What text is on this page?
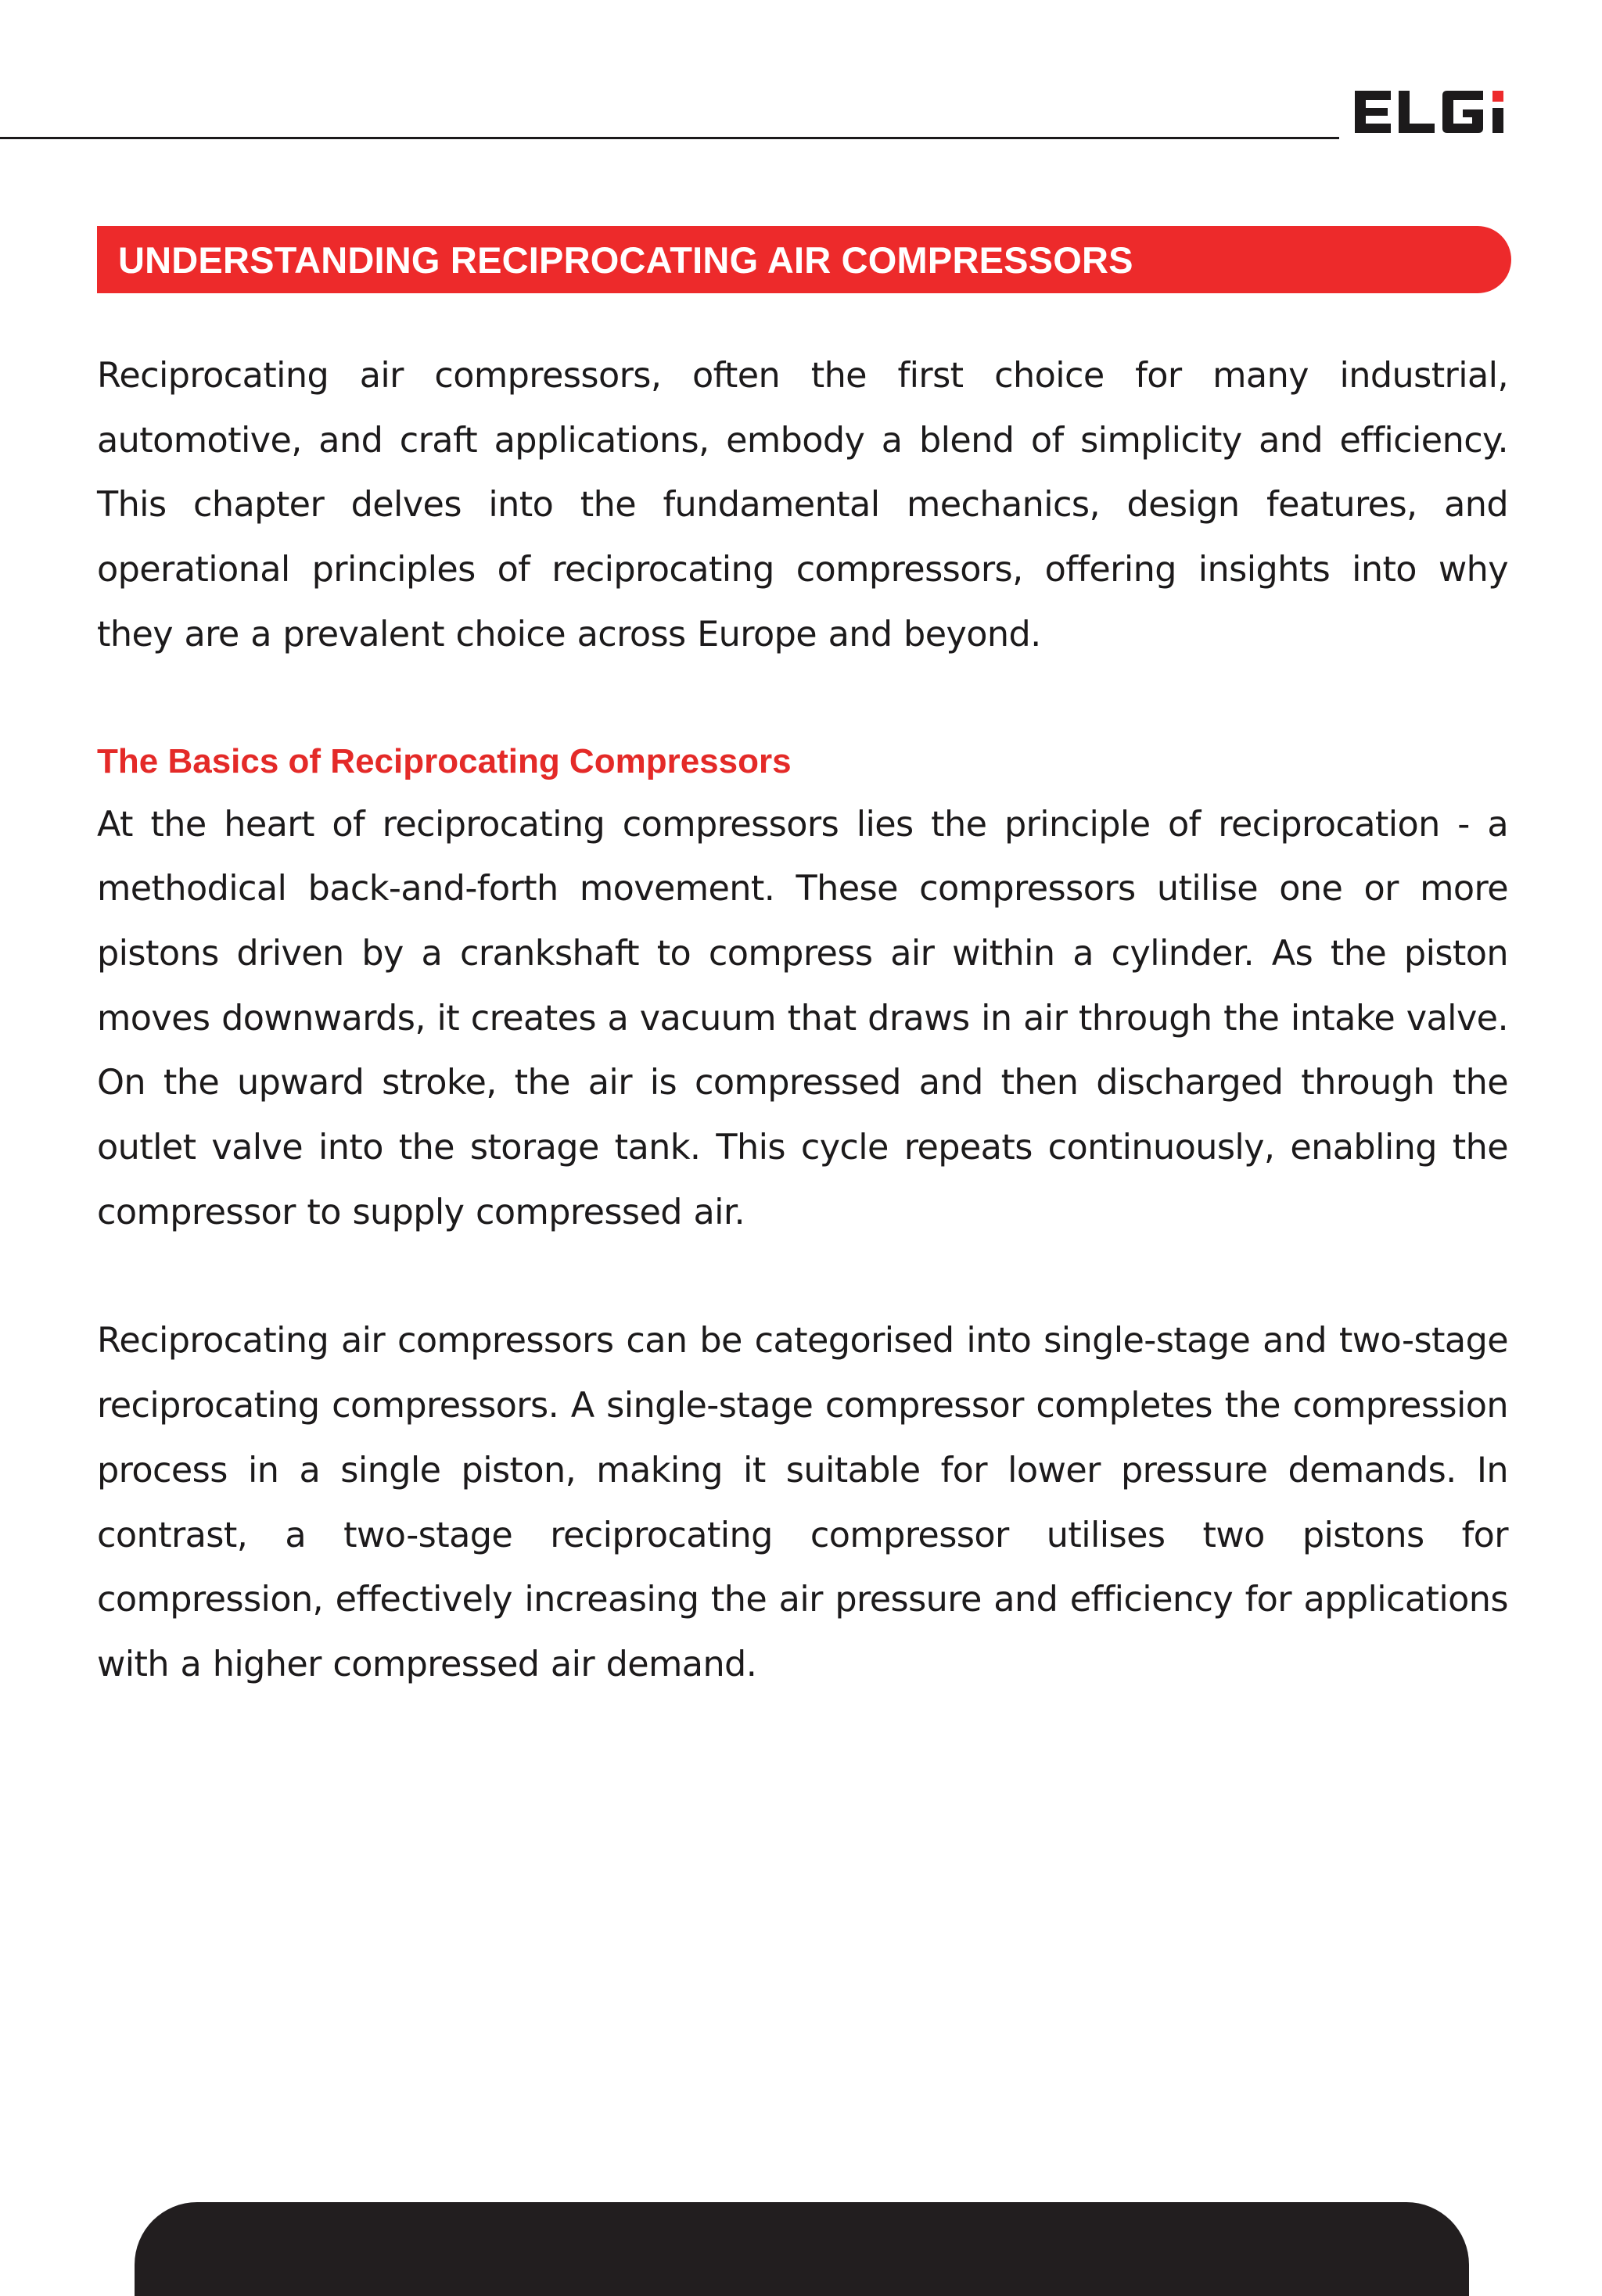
UNDERSTANDING RECIPROCATING AIR COMPRESSORS

Reciprocating air compressors, often the first choice for many industrial, automotive, and craft applications, embody a blend of simplicity and efficiency. This chapter delves into the fundamental mechanics, design features, and operational principles of reciprocating compressors, offering insights into why they are a prevalent choice across Europe and beyond.

The Basics of Reciprocating Compressors

At the heart of reciprocating compressors lies the principle of reciprocation - a methodical back-and-forth movement. These compressors utilise one or more pistons driven by a crankshaft to compress air within a cylinder. As the piston moves downwards, it creates a vacuum that draws in air through the intake valve. On the upward stroke, the air is compressed and then discharged through the outlet valve into the storage tank. This cycle repeats continuously, enabling the compressor to supply compressed air.

Reciprocating air compressors can be categorised into single-stage and two-stage reciprocating compressors. A single-stage compressor completes the compression process in a single piston, making it suitable for lower pressure demands. In contrast, a two-stage reciprocating compressor utilises two pistons for compression, effectively increasing the air pressure and efficiency for applications with a higher compressed air demand.
